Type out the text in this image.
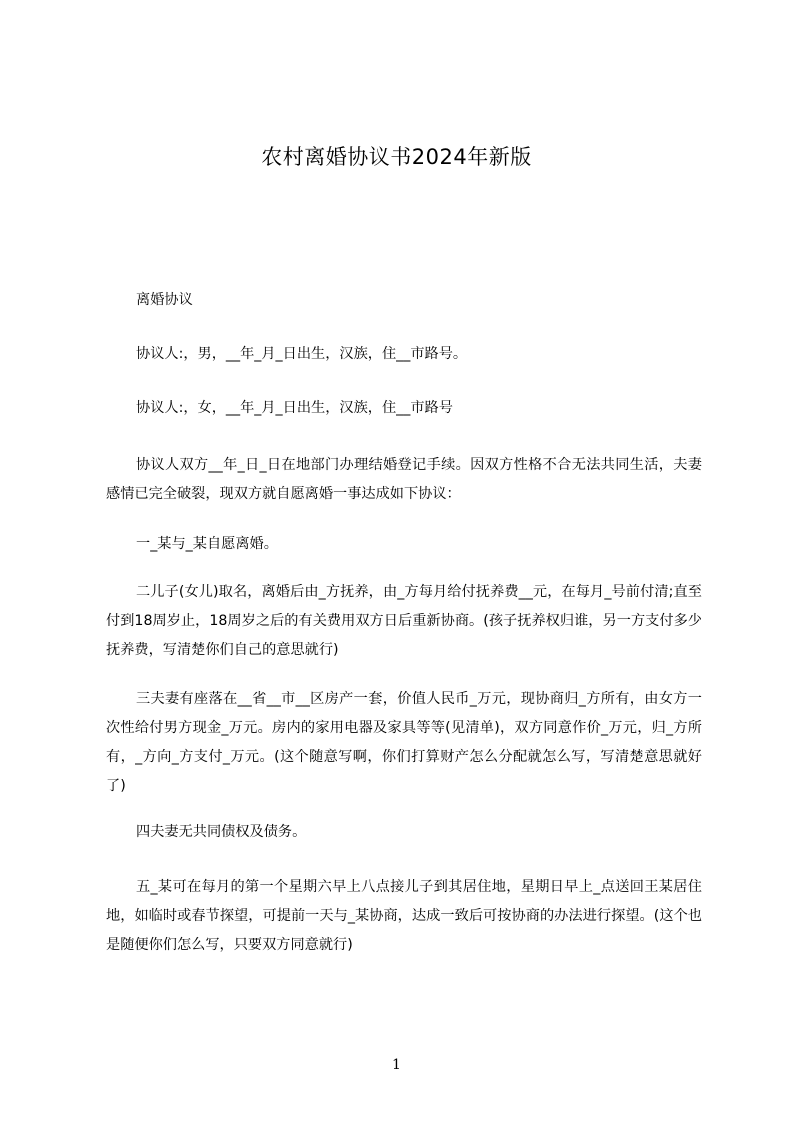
农村离婚协议书2024年新版

离婚协议

协议人:，男，__年_月_日出生，汉族，住__市路号。

协议人:，女，__年_月_日出生，汉族，住__市路号

协议人双方__年_日_日在地部门办理结婚登记手续。因双方性格不合无法共同生活，夫妻感情已完全破裂，现双方就自愿离婚一事达成如下协议：

一_某与_某自愿离婚。

二儿子(女儿)取名，离婚后由_方抚养，由_方每月给付抚养费__元，在每月_号前付清;直至付到18周岁止，18周岁之后的有关费用双方日后重新协商。(孩子抚养权归谁，另一方支付多少抚养费，写清楚你们自己的意思就行)

三夫妻有座落在__省__市__区房产一套，价值人民币_万元，现协商归_方所有，由女方一次性给付男方现金_万元。房内的家用电器及家具等等(见清单)，双方同意作价_万元，归_方所有，_方向_方支付_万元。(这个随意写啊，你们打算财产怎么分配就怎么写，写清楚意思就好了)

四夫妻无共同债权及债务。

五_某可在每月的第一个星期六早上八点接儿子到其居住地，星期日早上_点送回王某居住地，如临时或春节探望，可提前一天与_某协商，达成一致后可按协商的办法进行探望。(这个也是随便你们怎么写，只要双方同意就行)

1
